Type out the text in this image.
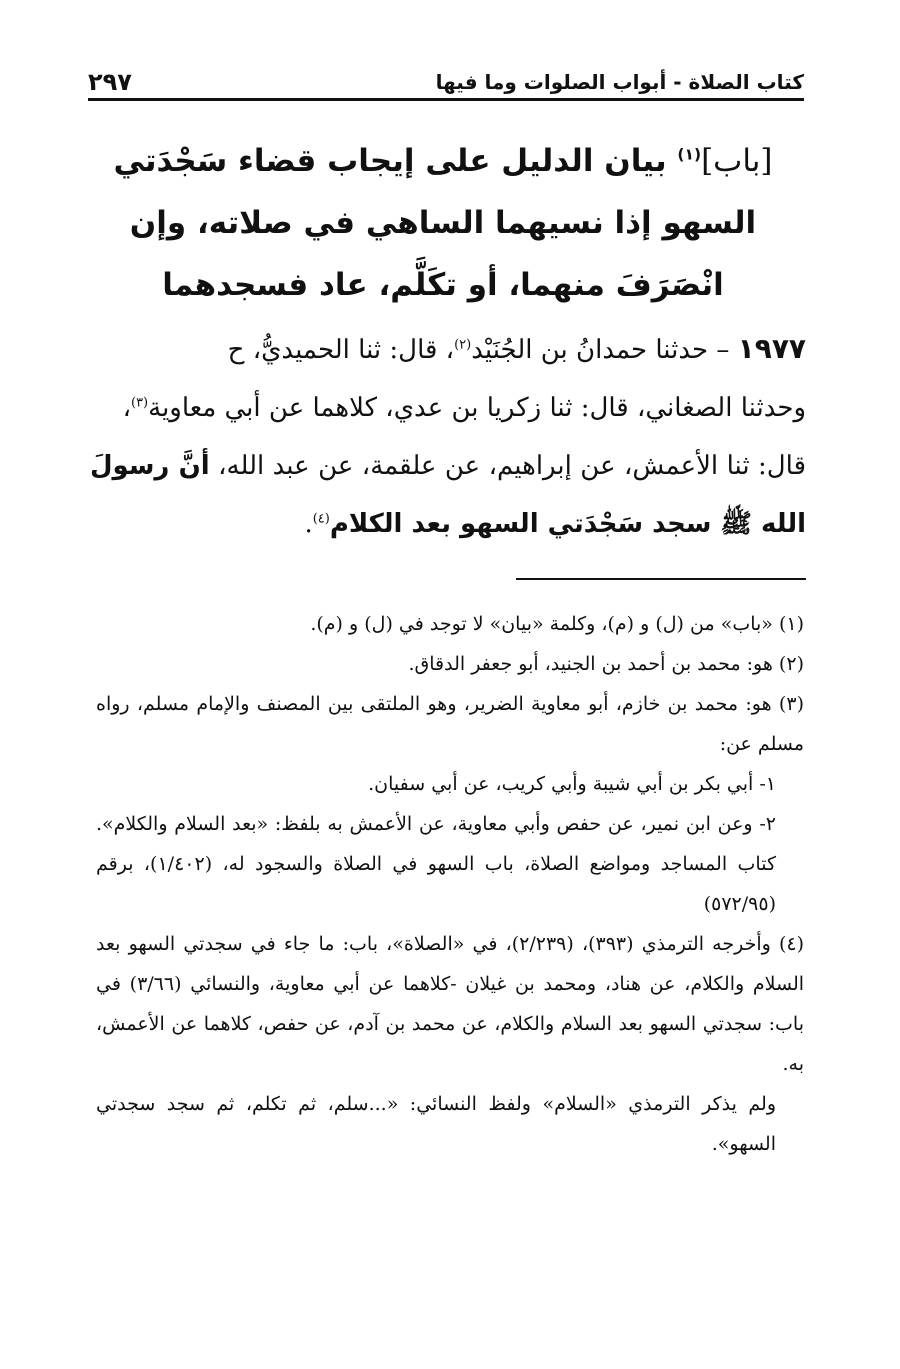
كتاب الصلاة - أبواب الصلوات وما فيها
٢٩٧
[باب]$^{(١)}$ بيان الدليل على إيجاب قضاء سَجْدَتي السهو إذا نسيهما الساهي في صلاته، وإن انْصَرَفَ منهما، أو تكَلَّم، عاد فسجدهما

١٩٧٧ – حدثنا حمدانُ بن الجُنَيْد$^{(٢)}$، قال: ثنا الحميديُّ، ح

وحدثنا الصغاني، قال: ثنا زكريا بن عدي، كلاهما عن أبي معاوية$^{(٣)}$،

قال: ثنا الأعمش، عن إبراهيم، عن علقمة، عن عبد الله، أنَّ رسولَ الله ﷺ سجد سَجْدَتي السهو بعد الكلام$^{(٤)}$.

(١) «باب» من (ل) و (م)، وكلمة «بيان» لا توجد في (ل) و (م).

(٢) هو: محمد بن أحمد بن الجنيد، أبو جعفر الدقاق.

(٣) هو: محمد بن خازم، أبو معاوية الضرير، وهو الملتقى بين المصنف والإمام مسلم، رواه مسلم عن:

١- أبي بكر بن أبي شيبة وأبي كريب، عن أبي سفيان.

٢- وعن ابن نمير، عن حفص وأبي معاوية، عن الأعمش به بلفظ: «بعد السلام والكلام». كتاب المساجد ومواضع الصلاة، باب السهو في الصلاة والسجود له، (١/٤٠٢)، برقم (٥٧٢/٩٥)

(٤) وأخرجه الترمذي (٣٩٣)، (٢/٢٣٩)، في «الصلاة»، باب: ما جاء في سجدتي السهو بعد السلام والكلام، عن هناد، ومحمد بن غيلان -كلاهما عن أبي معاوية، والنسائي (٣/٦٦) في باب: سجدتي السهو بعد السلام والكلام، عن محمد بن آدم، عن حفص، كلاهما عن الأعمش، به.

ولم يذكر الترمذي «السلام» ولفظ النسائي: «...سلم، ثم تكلم، ثم سجد سجدتي السهو».
